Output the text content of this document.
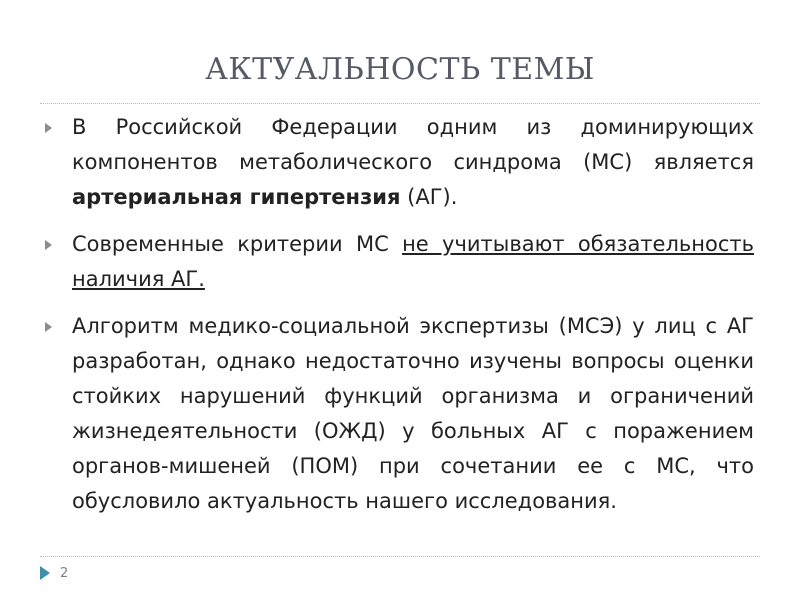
АКТУАЛЬНОСТЬ ТЕМЫ
В Российской Федерации одним из доминирующих компонентов метаболического синдрома (МС) является артериальная гипертензия (АГ).
Современные критерии МС не учитывают обязательность наличия АГ.
Алгоритм медико-социальной экспертизы (МСЭ) у лиц с АГ разработан, однако недостаточно изучены вопросы оценки стойких нарушений функций организма и ограничений жизнедеятельности (ОЖД) у больных АГ с поражением органов-мишеней (ПОМ) при сочетании ее с МС, что обусловило актуальность нашего исследования.
2
